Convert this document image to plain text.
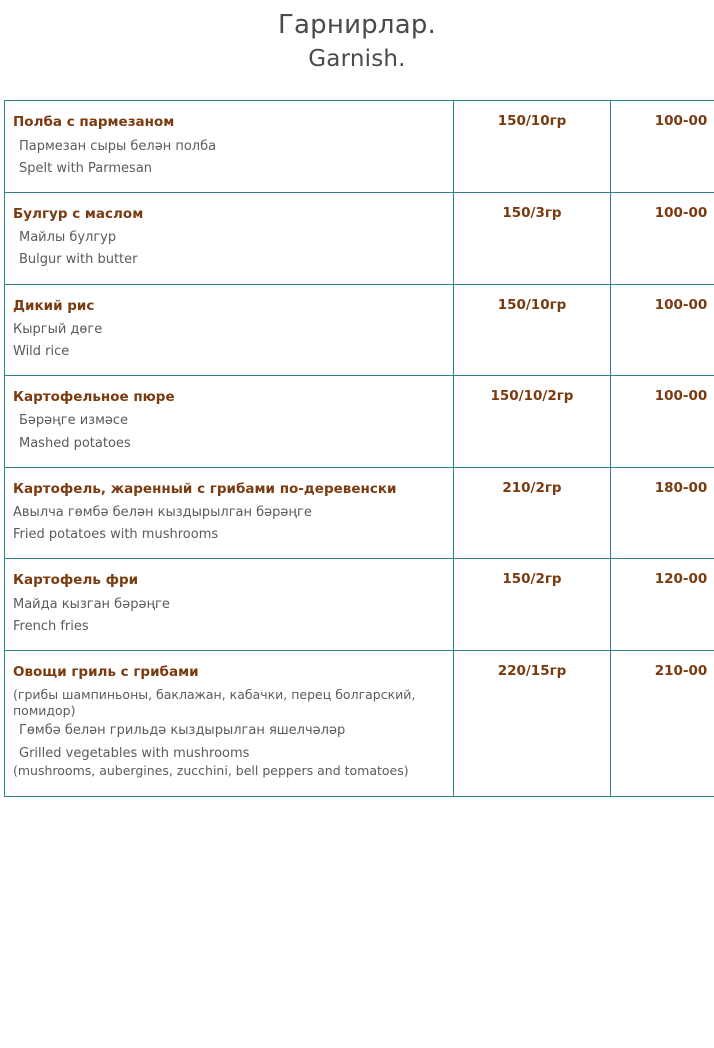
Гарнирлар.
Garnish.

Полба с пармезаном

Пармезан сыры белән полба

Spelt with Parmesan	150/10гр	100-00

Булгур с маслом

Майлы булгур

Bulgur with butter	150/3гр	100-00

Дикий рис

Кыргый дөге

Wild rice	150/10гр	100-00

Картофельное пюре

Бәрәңге измәсе

Mashed potatoes	150/10/2гр	100-00

Картофель, жаренный с грибами по-деревенски

Авылча гөмбә белән кыздырылган бәрәңге

Fried potatoes with mushrooms	210/2гр	180-00

Картофель фри

Майда кызган бәрәңге

French fries	150/2гр	120-00

Овощи гриль с грибами

(грибы шампиньоны, баклажан, кабачки, перец болгарский, помидор)

Гөмбә белән грильдә кыздырылган яшелчәләр

Grilled vegetables with mushrooms

(mushrooms, aubergines, zucchini, bell peppers and tomatoes)	220/15гр	210-00
